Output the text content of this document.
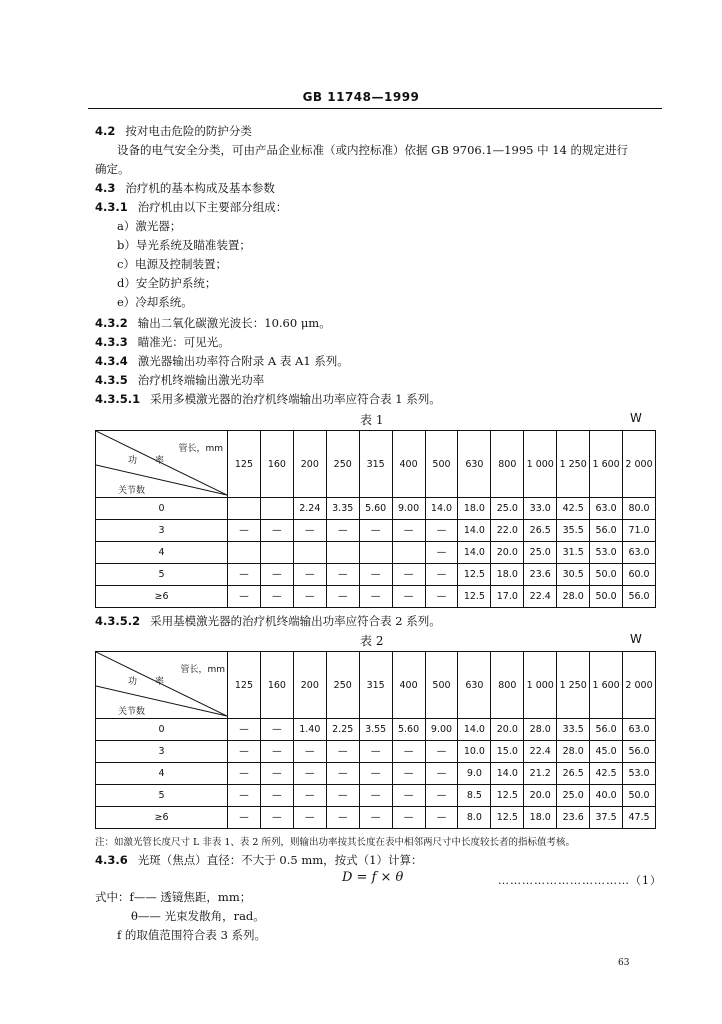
GB 11748—1999
4.2 按对电击危险的防护分类
设备的电气安全分类，可由产品企业标准（或内控标准）依据 GB 9706.1—1995 中 14 的规定进行
确定。
4.3 治疗机的基本构成及基本参数
4.3.1 治疗机由以下主要部分组成：
a）激光器；
b）导光系统及瞄准装置；
c）电源及控制装置；
d）安全防护系统；
e）冷却系统。
4.3.2 输出二氧化碳激光波长：10.60 μm。
4.3.3 瞄准光：可见光。
4.3.4 激光器输出功率符合附录 A 表 A1 系列。
4.3.5 治疗机终端输出激光功率
4.3.5.1 采用多模激光器的治疗机终端输出功率应符合表 1 系列。
表 1	W
管长，mm
功　　率
关节数	125	160	200	250	315	400	500	630	800	1 000	1 250	1 600	2 000
0			2.24	3.35	5.60	9.00	14.0	18.0	25.0	33.0	42.5	63.0	80.0
3	—	—	—	—	—	—	—	14.0	22.0	26.5	35.5	56.0	71.0
4							—	14.0	20.0	25.0	31.5	53.0	63.0
5	—	—	—	—	—	—	—	12.5	18.0	23.6	30.5	50.0	60.0
≥6	—	—	—	—	—	—	—	12.5	17.0	22.4	28.0	50.0	56.0
4.3.5.2 采用基模激光器的治疗机终端输出功率应符合表 2 系列。
表 2	W
管长，mm
功　　率
关节数	125	160	200	250	315	400	500	630	800	1 000	1 250	1 600	2 000
0	—	—	1.40	2.25	3.55	5.60	9.00	14.0	20.0	28.0	33.5	56.0	63.0
3	—	—	—	—	—	—	—	10.0	15.0	22.4	28.0	45.0	56.0
4	—	—	—	—	—	—	—	9.0	14.0	21.2	26.5	42.5	53.0
5	—	—	—	—	—	—	—	8.5	12.5	20.0	25.0	40.0	50.0
≥6	—	—	—	—	—	—	—	8.0	12.5	18.0	23.6	37.5	47.5
注：如激光管长度尺寸 L 非表 1、表 2 所列，则输出功率按其长度在表中相邻两尺寸中长度较长者的指标值考核。
4.3.6 光斑（焦点）直径：不大于 0.5 mm，按式（1）计算：
D = f × θ	……………………………（1）
式中：f—— 透镜焦距，mm；
θ—— 光束发散角，rad。
f 的取值范围符合表 3 系列。
63
